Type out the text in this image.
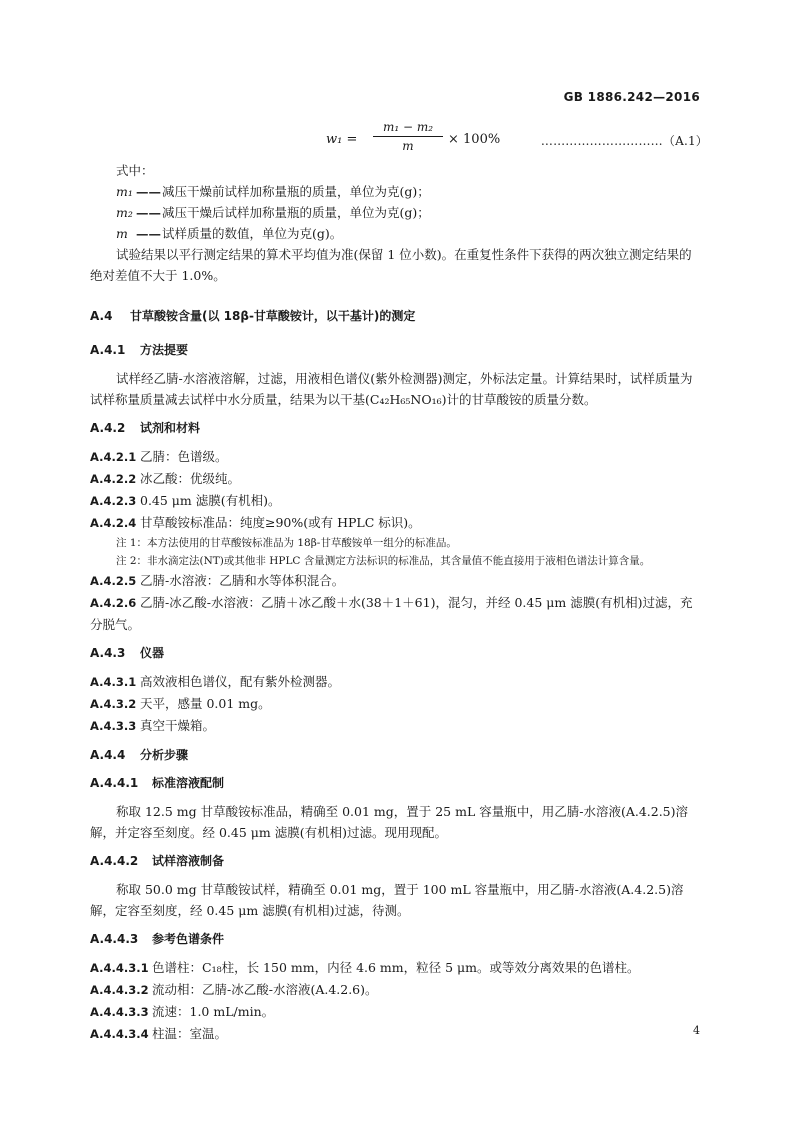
GB 1886.242—2016
$w_1 = \frac{\text{m₁ − m₂}}{m} \times 100\%$	…………………………（A.1）

式中：

m₁ ——减压干燥前试样加称量瓶的质量，单位为克(g)；

m₂ ——减压干燥后试样加称量瓶的质量，单位为克(g)；

m ——试样质量的数值，单位为克(g)。

试验结果以平行测定结果的算术平均值为准(保留 1 位小数)。在重复性条件下获得的两次独立测定结果的绝对差值不大于 1.0%。

A.4 甘草酸铵含量(以 18β-甘草酸铵计，以干基计)的测定

A.4.1 方法提要

试样经乙腈-水溶液溶解，过滤，用液相色谱仪(紫外检测器)测定，外标法定量。计算结果时，试样质量为试样称量质量减去试样中水分质量，结果为以干基(C₄₂H₆₅NO₁₆)计的甘草酸铵的质量分数。

A.4.2 试剂和材料

A.4.2.1 乙腈：色谱级。

A.4.2.2 冰乙酸：优级纯。

A.4.2.3 0.45 μm 滤膜(有机相)。

A.4.2.4 甘草酸铵标准品：纯度≥90%(或有 HPLC 标识)。

注 1：本方法使用的甘草酸铵标准品为 18β-甘草酸铵单一组分的标准品。

注 2：非水滴定法(NT)或其他非 HPLC 含量测定方法标识的标准品，其含量值不能直接用于液相色谱法计算含量。

A.4.2.5 乙腈-水溶液：乙腈和水等体积混合。

A.4.2.6 乙腈-冰乙酸-水溶液：乙腈＋冰乙酸＋水(38＋1＋61)，混匀，并经 0.45 μm 滤膜(有机相)过滤，充分脱气。

A.4.3 仪器

A.4.3.1 高效液相色谱仪，配有紫外检测器。

A.4.3.2 天平，感量 0.01 mg。

A.4.3.3 真空干燥箱。

A.4.4 分析步骤

A.4.4.1 标准溶液配制

称取 12.5 mg 甘草酸铵标准品，精确至 0.01 mg，置于 25 mL 容量瓶中，用乙腈-水溶液(A.4.2.5)溶解，并定容至刻度。经 0.45 μm 滤膜(有机相)过滤。现用现配。

A.4.4.2 试样溶液制备

称取 50.0 mg 甘草酸铵试样，精确至 0.01 mg，置于 100 mL 容量瓶中，用乙腈-水溶液(A.4.2.5)溶解，定容至刻度，经 0.45 μm 滤膜(有机相)过滤，待测。

A.4.4.3 参考色谱条件

A.4.4.3.1 色谱柱：C₁₈柱，长 150 mm，内径 4.6 mm，粒径 5 μm。或等效分离效果的色谱柱。

A.4.4.3.2 流动相：乙腈-冰乙酸-水溶液(A.4.2.6)。

A.4.4.3.3 流速：1.0 mL/min。

A.4.4.3.4 柱温：室温。	4
